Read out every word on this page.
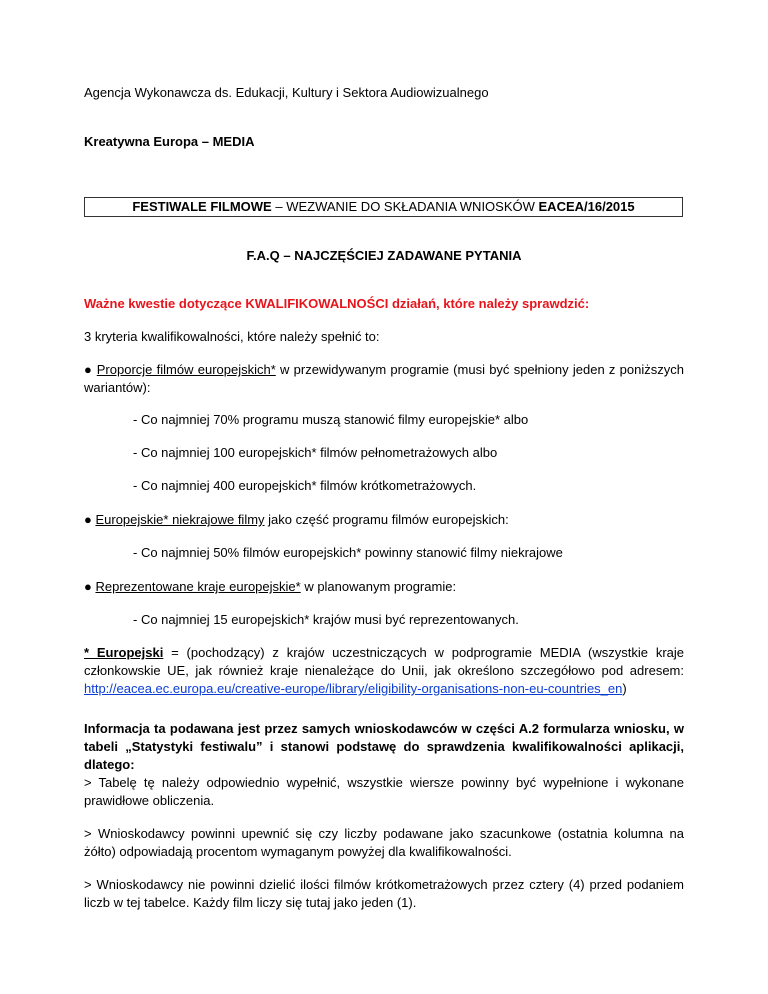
Agencja Wykonawcza ds. Edukacji, Kultury i Sektora Audiowizualnego

Kreatywna Europa – MEDIA

FESTIWALE FILMOWE – WEZWANIE DO SKŁADANIA WNIOSKÓW EACEA/16/2015

F.A.Q – NAJCZĘŚCIEJ ZADAWANE PYTANIA

Ważne kwestie dotyczące KWALIFIKOWALNOŚCI działań, które należy sprawdzić:

3 kryteria kwalifikowalności, które należy spełnić to:

● Proporcje filmów europejskich* w przewidywanym programie (musi być spełniony jeden z poniższych wariantów):

- Co najmniej 70% programu muszą stanowić filmy europejskie* albo

- Co najmniej 100 europejskich* filmów pełnometrażowych albo

- Co najmniej 400 europejskich* filmów krótkometrażowych.

● Europejskie* niekrajowe filmy jako część programu filmów europejskich:

- Co najmniej 50% filmów europejskich* powinny stanowić filmy niekrajowe

● Reprezentowane kraje europejskie* w planowanym programie:

- Co najmniej 15 europejskich* krajów musi być reprezentowanych.

* Europejski = (pochodzący) z krajów uczestniczących w podprogramie MEDIA (wszystkie kraje członkowskie UE, jak również kraje nienależące do Unii, jak określono szczegółowo pod adresem: http://eacea.ec.europa.eu/creative-europe/library/eligibility-organisations-non-eu-countries_en)

Informacja ta podawana jest przez samych wnioskodawców w części A.2 formularza wniosku, w tabeli „Statystyki festiwalu” i stanowi podstawę do sprawdzenia kwalifikowalności aplikacji, dlatego:

> Tabelę tę należy odpowiednio wypełnić, wszystkie wiersze powinny być wypełnione i wykonane prawidłowe obliczenia.

> Wnioskodawcy powinni upewnić się czy liczby podawane jako szacunkowe (ostatnia kolumna na żółto) odpowiadają procentom wymaganym powyżej dla kwalifikowalności.

> Wnioskodawcy nie powinni dzielić ilości filmów krótkometrażowych przez cztery (4) przed podaniem liczb w tej tabelce. Każdy film liczy się tutaj jako jeden (1).
